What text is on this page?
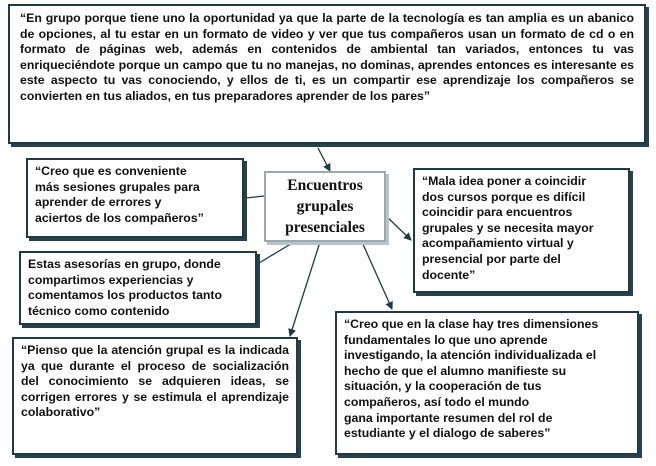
“En grupo porque tiene uno la oportunidad ya que la parte de la tecnología es tan amplia es un abanico de opciones, al tu estar en un formato de video y ver que tus compañeros usan un formato de cd o en formato de páginas web, además en contenidos de ambiental tan variados, entonces tu vas enriqueciéndote porque un campo que tu no manejas, no dominas, aprendes entonces es interesante es este aspecto tu vas conociendo, y ellos de ti, es un compartir ese aprendizaje los compañeros se convierten en tus aliados, en tus preparadores aprender de los pares”
“Creo que es conveniente
más sesiones grupales para
aprender de errores y
aciertos de los compañeros”
“Mala idea poner a coincidir
dos cursos porque es difícil
coincidir para encuentros
grupales y se necesita mayor
acompañamiento virtual y
presencial por parte del
docente”
Estas asesorías en grupo, donde
compartimos experiencias y
comentamos los productos tanto
técnico como contenido
“Pienso que la atención grupal es la indicada ya que durante el proceso de socialización del conocimiento se adquieren ideas, se corrigen errores y se estimula el aprendizaje colaborativo”
“Creo que en la clase hay tres dimensiones
fundamentales lo que uno aprende
investigando, la atención individualizada el
hecho de que el alumno manifieste su
situación, y la cooperación de tus
compañeros, así todo el mundo
gana importante resumen del rol de
estudiante y el dialogo de saberes”
Encuentros
grupales
presenciales
